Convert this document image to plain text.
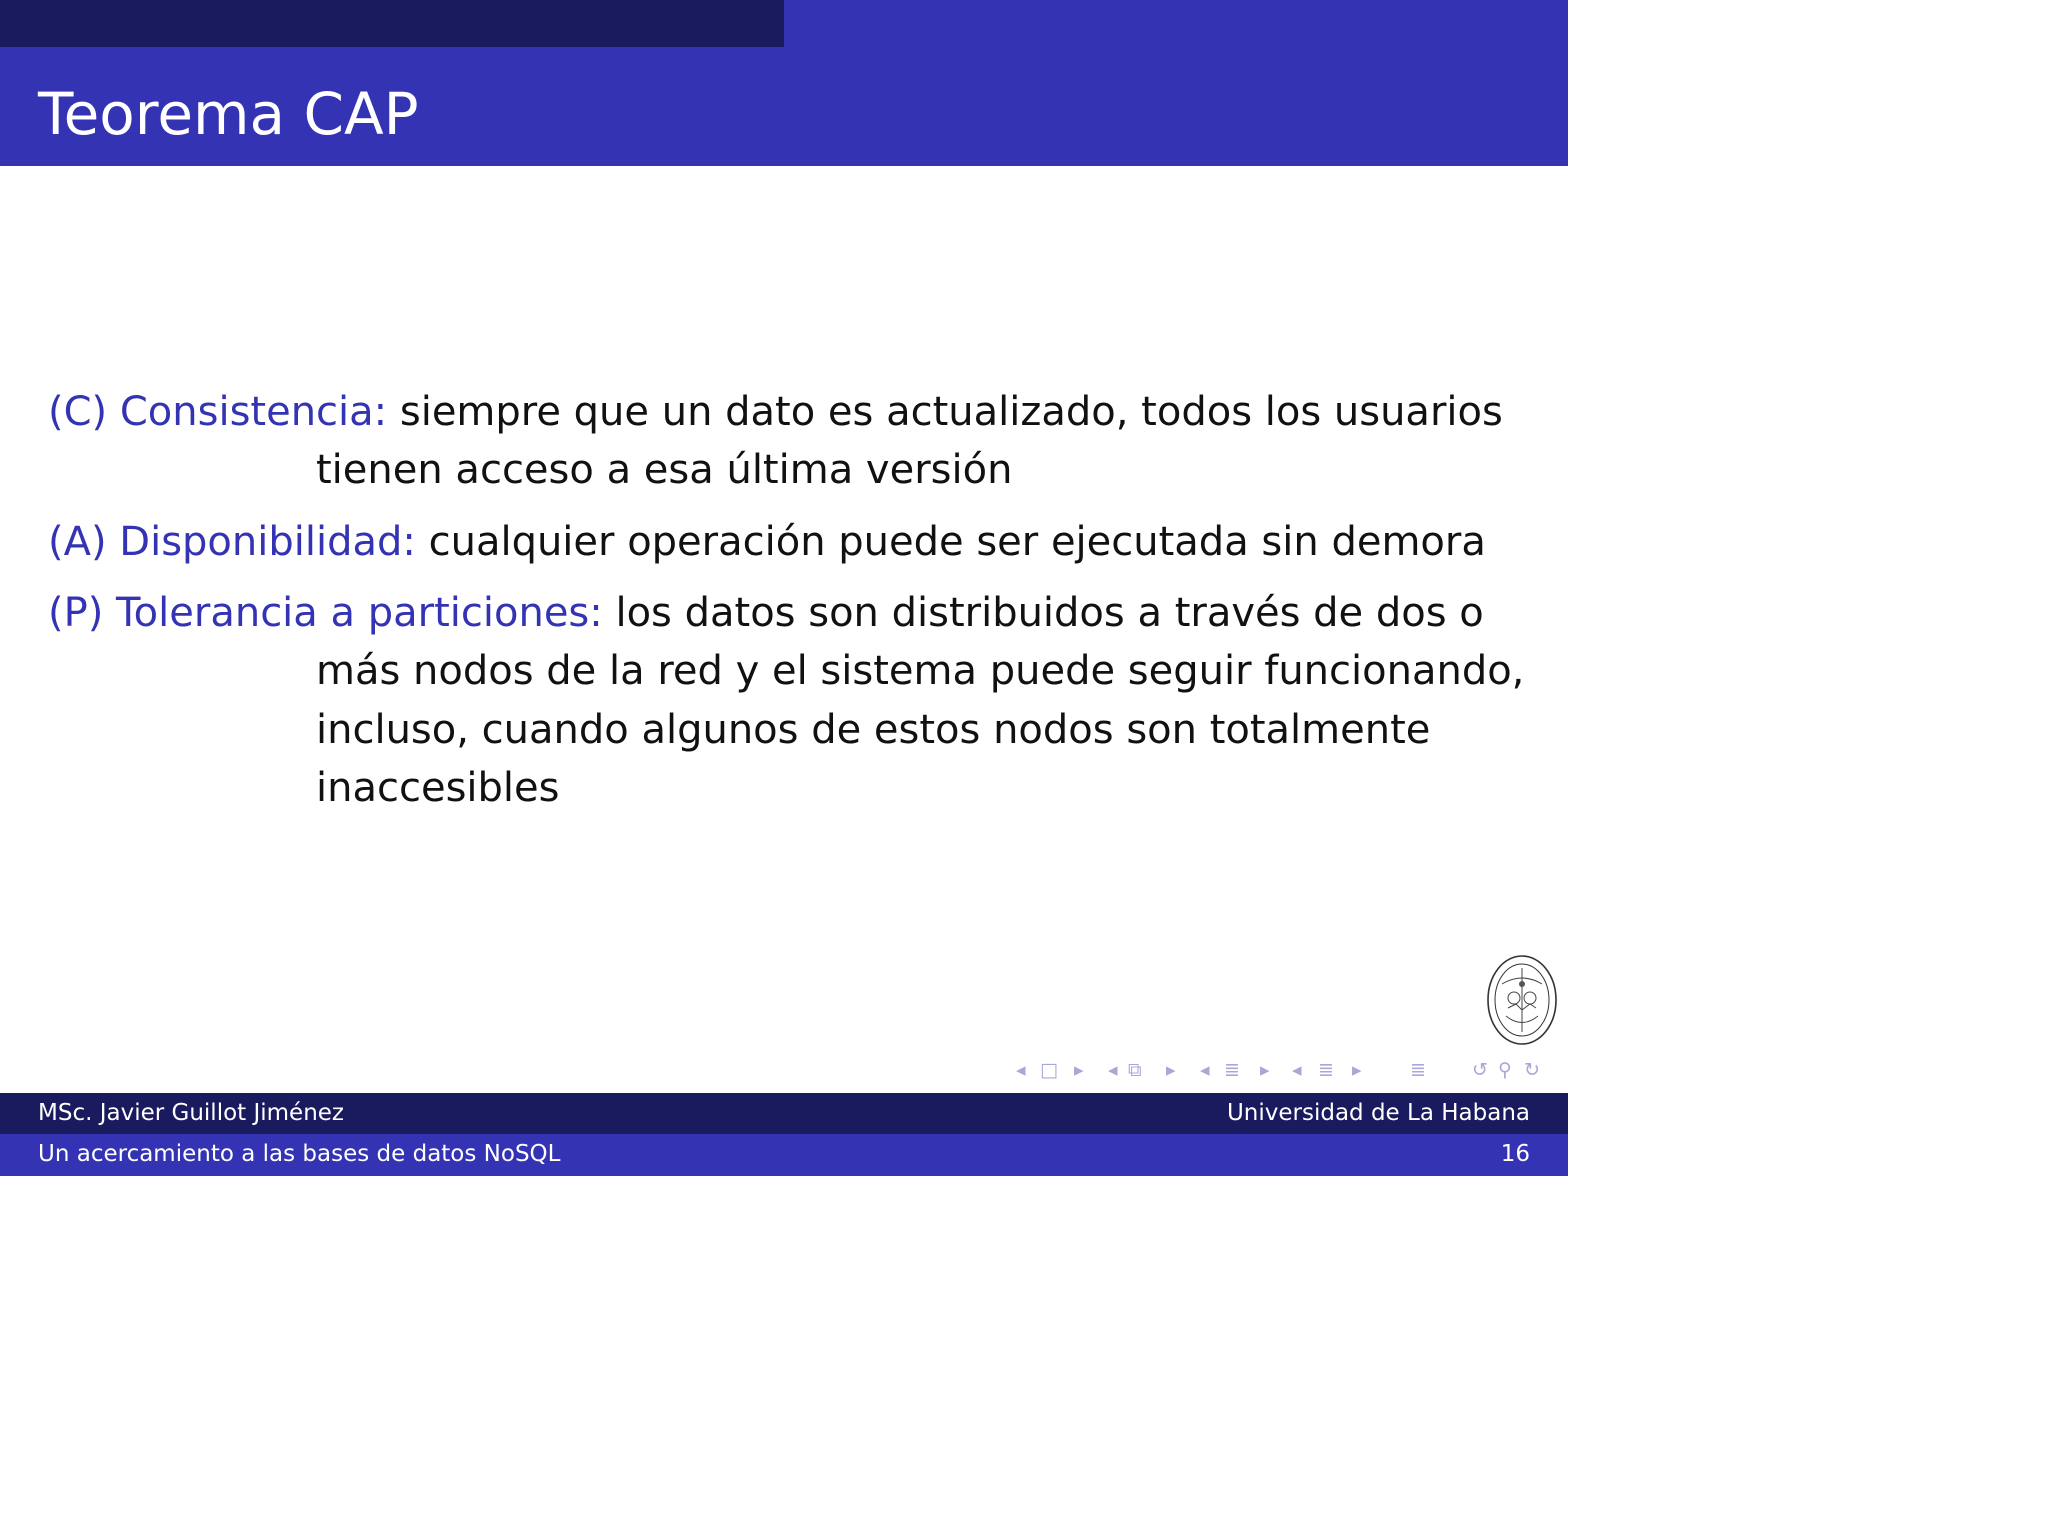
Necesidades actuales
Teorema CAP
(C) Consistencia: siempre que un dato es actualizado, todos los usuarios
tienen acceso a esa última versión
(A) Disponibilidad: cualquier operación puede ser ejecutada sin demora
(P) Tolerancia a particiones: los datos son distribuidos a través de dos o
más nodos de la red y el sistema puede seguir funcionando,
incluso, cuando algunos de estos nodos son totalmente
inaccesibles
◂ □ ▸ ◂ ⧉ ▸ ◂ ≣ ▸ ◂ ≣ ▸	≣ ↺ ⚲ ↻
MSc. Javier Guillot Jiménez	Universidad de La Habana
Un acercamiento a las bases de datos NoSQL	16
